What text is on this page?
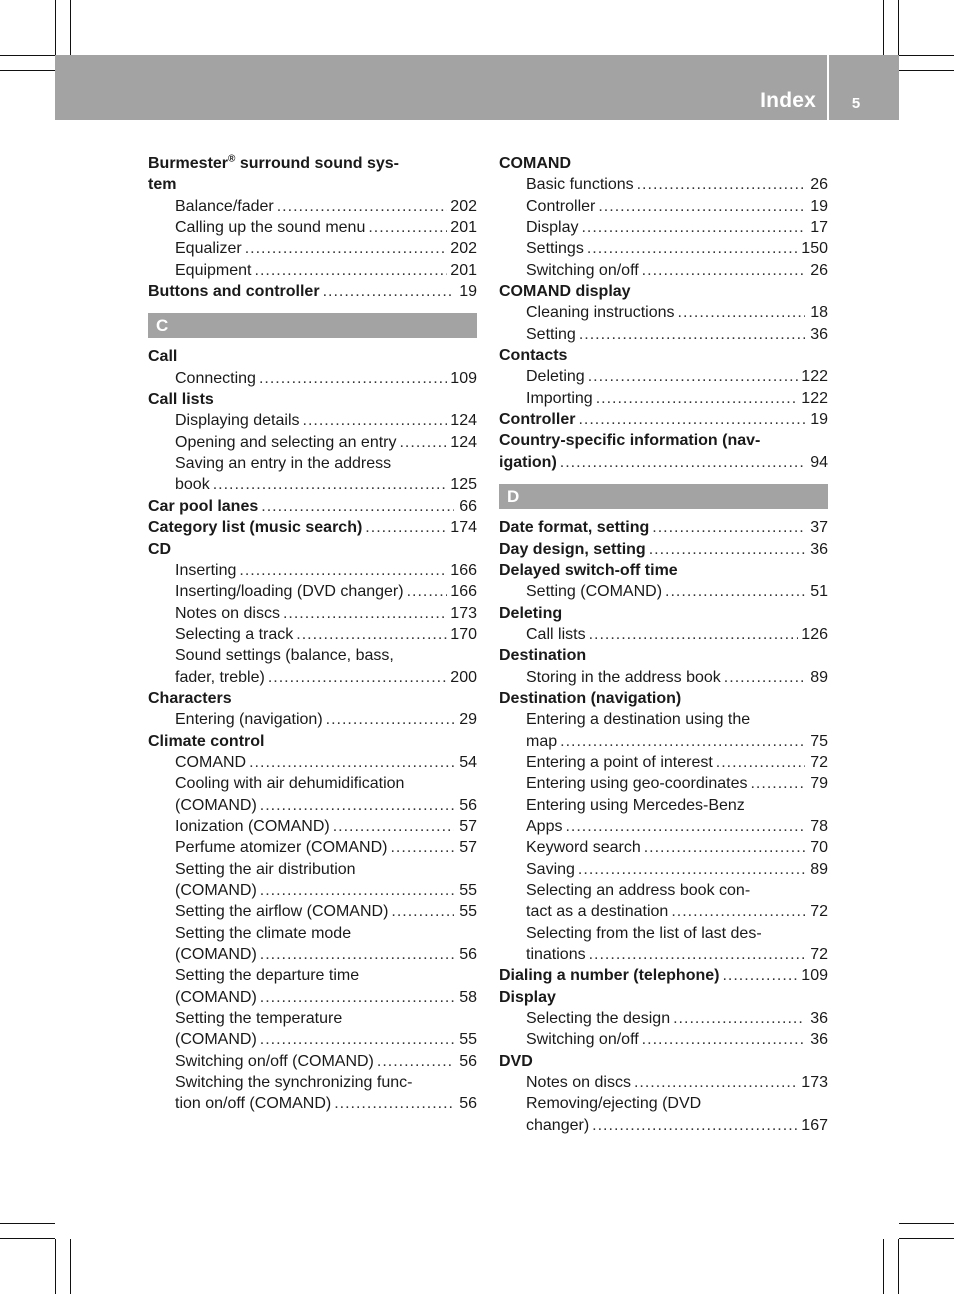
Index 5
Burmester® surround sound sys-
tem
Balance/fader .....	202
Calling up the sound menu .....	201
Equalizer .....	202
Equipment .....	201
Buttons and controller .....	19
C
Call
Connecting .....	109
Call lists
Displaying details .....	124
Opening and selecting an entry .....	124
Saving an entry in the address
book .....	125
Car pool lanes .....	66
Category list (music search) .....	174
CD
Inserting .....	166
Inserting/loading (DVD changer) .....	166
Notes on discs .....	173
Selecting a track .....	170
Sound settings (balance, bass,
fader, treble) .....	200
Characters
Entering (navigation) .....	29
Climate control
COMAND .....	54
Cooling with air dehumidification
(COMAND) .....	56
Ionization (COMAND) .....	57
Perfume atomizer (COMAND) .....	57
Setting the air distribution
(COMAND) .....	55
Setting the airflow (COMAND) .....	55
Setting the climate mode
(COMAND) .....	56
Setting the departure time
(COMAND) .....	58
Setting the temperature
(COMAND) .....	55
Switching on/off (COMAND) .....	56
Switching the synchronizing func-
tion on/off (COMAND) .....	56
COMAND
Basic functions .....	26
Controller .....	19
Display .....	17
Settings .....	150
Switching on/off .....	26
COMAND display
Cleaning instructions .....	18
Setting .....	36
Contacts
Deleting .....	122
Importing .....	122
Controller .....	19
Country-specific information (nav-
igation) .....	94
D
Date format, setting .....	37
Day design, setting .....	36
Delayed switch-off time
Setting (COMAND) .....	51
Deleting
Call lists .....	126
Destination
Storing in the address book .....	89
Destination (navigation)
Entering a destination using the
map .....	75
Entering a point of interest .....	72
Entering using geo-coordinates .....	79
Entering using Mercedes-Benz
Apps .....	78
Keyword search .....	70
Saving .....	89
Selecting an address book con-
tact as a destination .....	72
Selecting from the list of last des-
tinations .....	72
Dialing a number (telephone) .....	109
Display
Selecting the design .....	36
Switching on/off .....	36
DVD
Notes on discs .....	173
Removing/ejecting (DVD
changer) .....	167
